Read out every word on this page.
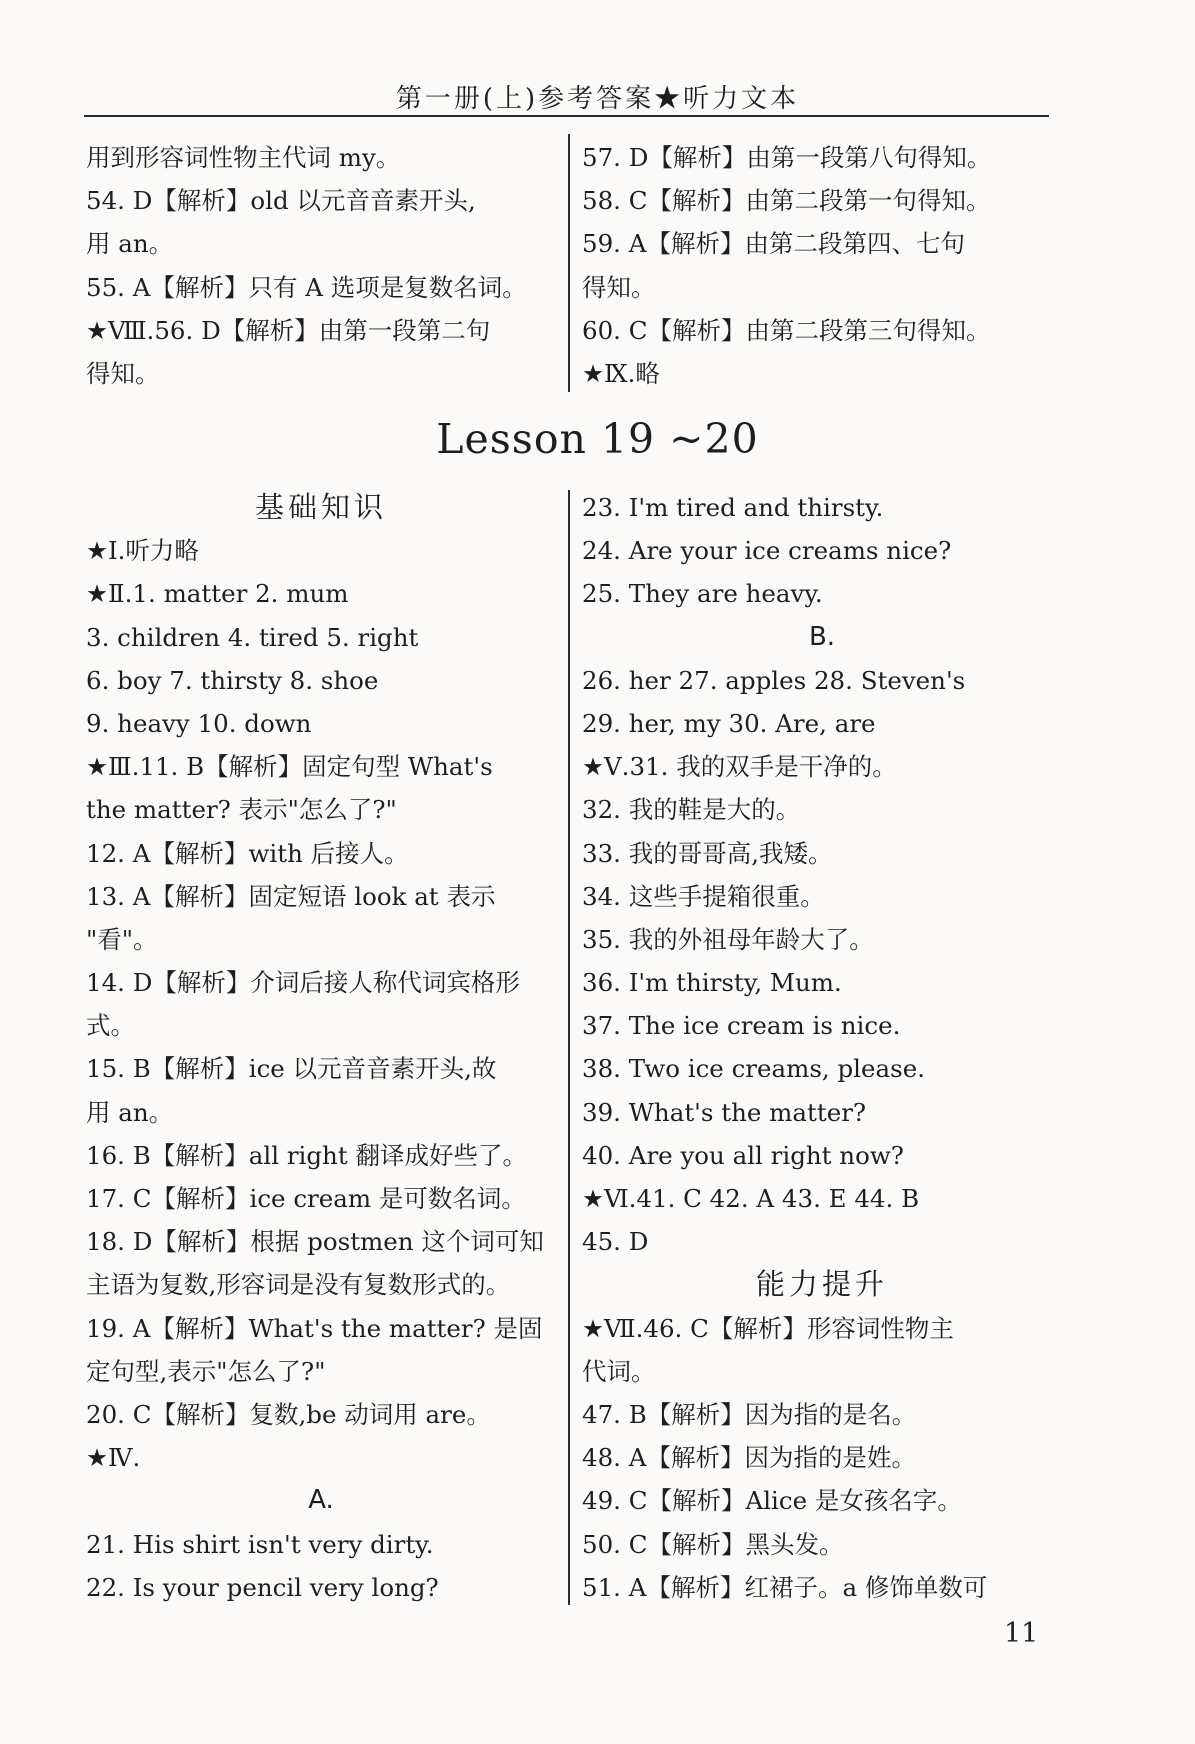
第一册(上)参考答案★听力文本
用到形容词性物主代词 my。
54. D【解析】old 以元音音素开头,
用 an。
55. A【解析】只有 A 选项是复数名词。
★Ⅷ.56. D【解析】由第一段第二句
得知。
57. D【解析】由第一段第八句得知。
58. C【解析】由第二段第一句得知。
59. A【解析】由第二段第四、七句
得知。
60. C【解析】由第二段第三句得知。
★Ⅸ.略
Lesson 19 ~20
基础知识
★Ⅰ.听力略
★Ⅱ.1. matter 2. mum
3. children 4. tired 5. right
6. boy 7. thirsty 8. shoe
9. heavy 10. down
★Ⅲ.11. B【解析】固定句型 What's
the matter? 表示"怎么了?"
12. A【解析】with 后接人。
13. A【解析】固定短语 look at 表示
"看"。
14. D【解析】介词后接人称代词宾格形
式。
15. B【解析】ice 以元音音素开头,故
用 an。
16. B【解析】all right 翻译成好些了。
17. C【解析】ice cream 是可数名词。
18. D【解析】根据 postmen 这个词可知
主语为复数,形容词是没有复数形式的。
19. A【解析】What's the matter? 是固
定句型,表示"怎么了?"
20. C【解析】复数,be 动词用 are。
★Ⅳ.
A.
21. His shirt isn't very dirty.
22. Is your pencil very long?
23. I'm tired and thirsty.
24. Are your ice creams nice?
25. They are heavy.
B.
26. her 27. apples 28. Steven's
29. her, my 30. Are, are
★Ⅴ.31. 我的双手是干净的。
32. 我的鞋是大的。
33. 我的哥哥高,我矮。
34. 这些手提箱很重。
35. 我的外祖母年龄大了。
36. I'm thirsty, Mum.
37. The ice cream is nice.
38. Two ice creams, please.
39. What's the matter?
40. Are you all right now?
★Ⅵ.41. C 42. A 43. E 44. B
45. D
能力提升
★Ⅶ.46. C【解析】形容词性物主
代词。
47. B【解析】因为指的是名。
48. A【解析】因为指的是姓。
49. C【解析】Alice 是女孩名字。
50. C【解析】黑头发。
51. A【解析】红裙子。a 修饰单数可
11
